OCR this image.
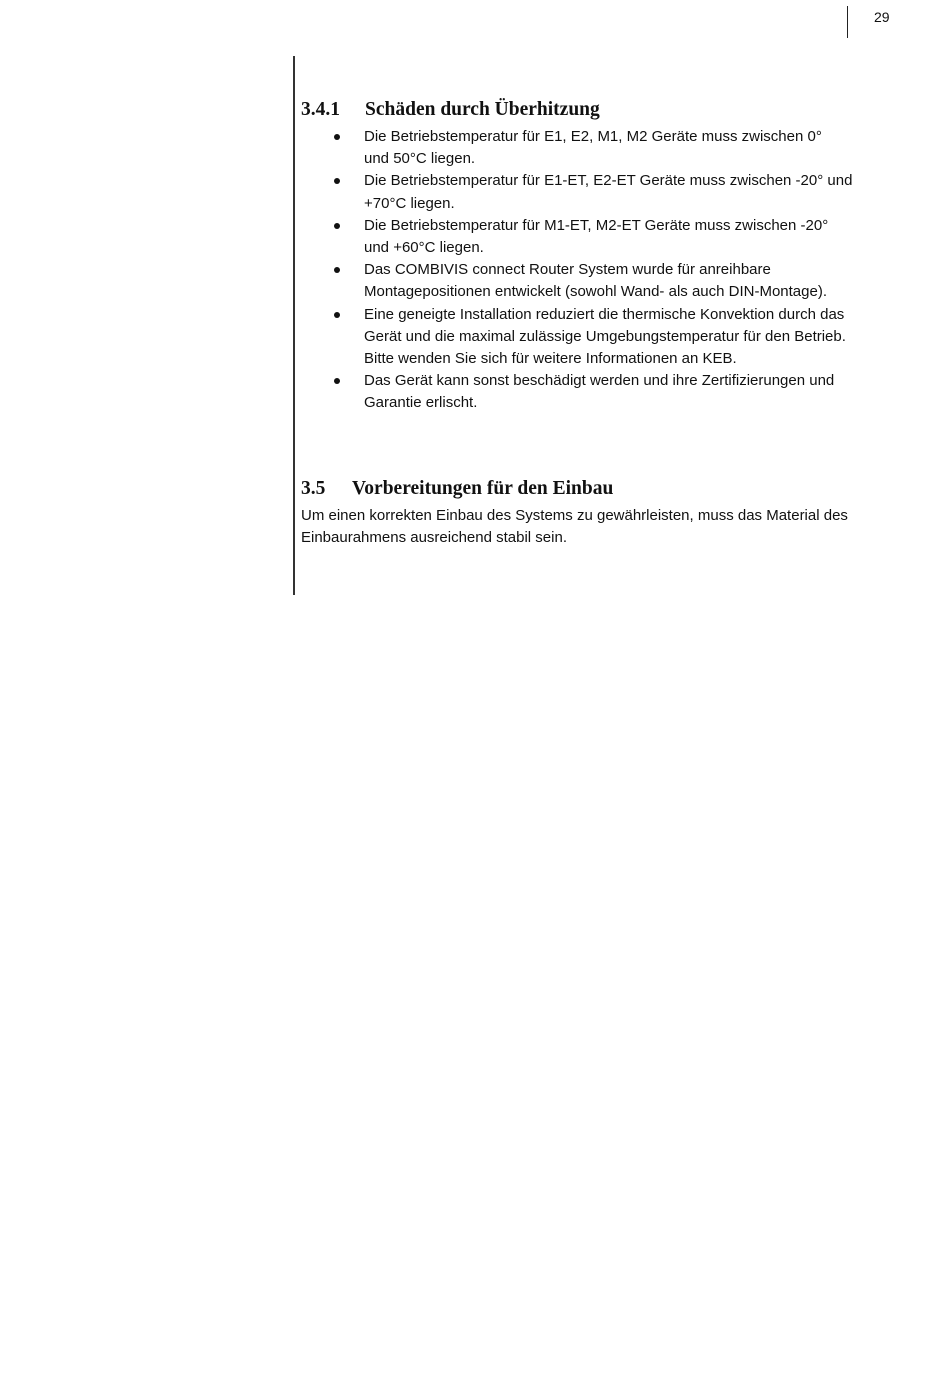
29
3.4.1	Schäden durch Überhitzung
Die Betriebstemperatur für E1, E2, M1, M2 Geräte muss zwischen 0°
und 50°C liegen.
Die Betriebstemperatur für E1-ET, E2-ET Geräte muss zwischen -20° und
+70°C liegen.
Die Betriebstemperatur für M1-ET, M2-ET Geräte muss zwischen -20°
und +60°C liegen.
Das COMBIVIS connect Router System wurde für anreihbare
Montagepositionen entwickelt (sowohl Wand- als auch DIN-Montage).
Eine geneigte Installation reduziert die thermische Konvektion durch das
Gerät und die maximal zulässige Umgebungstemperatur für den Betrieb.
Bitte wenden Sie sich für weitere Informationen an KEB.
Das Gerät kann sonst beschädigt werden und ihre Zertifizierungen und
Garantie erlischt.
3.5	Vorbereitungen für den Einbau
Um einen korrekten Einbau des Systems zu gewährleisten, muss das Material des
Einbaurahmens ausreichend stabil sein.
